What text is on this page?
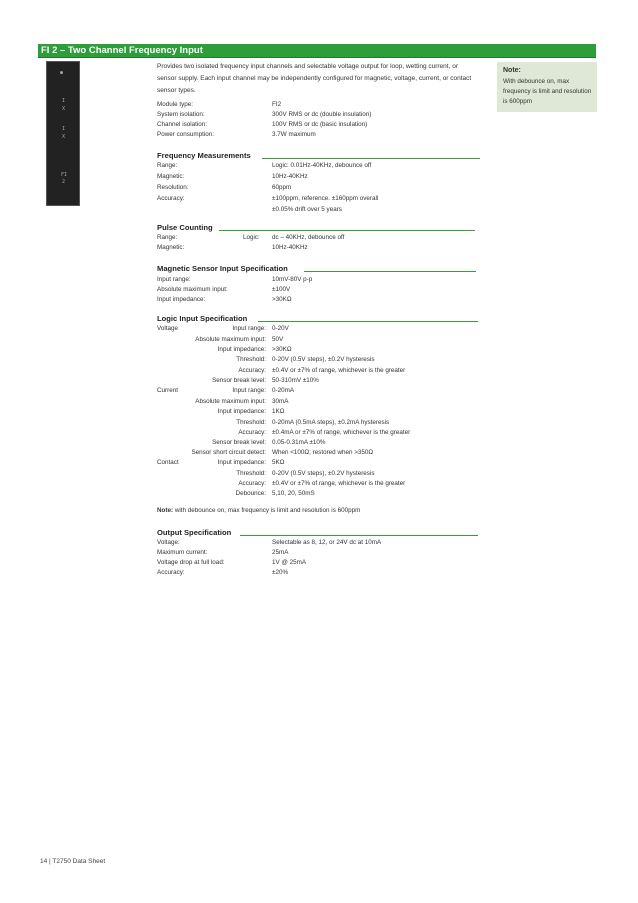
FI 2 – Two Channel Frequency Input
●
I
X
I
X
FI
2
Note:
With debounce on, max frequency is limit and resolution is 600ppm
Provides two isolated frequency input channels and selectable voltage output for loop, wetting current, or sensor supply. Each input channel may be independently configured for magnetic, voltage, current, or contact sensor types.
Module type:	FI2
System isolation:	300V RMS or dc (double insulation)
Channel isolation:	100V RMS or dc (basic insulation)
Power consumption:	3.7W maximum
Frequency Measurements
Range:	Logic: 0.01Hz-40KHz, debounce off
Magnetic:	10Hz-40KHz
Resolution:	60ppm
Accuracy:	±100ppm, reference. ±160ppm overall
±0.05% drift over 5 years
Pulse Counting
Range:	Logic: dc – 40KHz, debounce off
Magnetic:	10Hz-40KHz
Magnetic Sensor Input Specification
Input range:	10mV-80V p-p
Absolute maximum input:	±100V
Input impedance:	>30KΩ
Logic Input Specification
Voltage	Input range: 0-20V
Absolute maximum input: 50V
Input impedance: >30KΩ
Threshold: 0-20V (0.5V steps), ±0.2V hysteresis
Accuracy: ±0.4V or ±7% of range, whichever is the greater
Sensor break level: 50-310mV ±10%
Current	Input range: 0-20mA
Absolute maximum input: 30mA
Input impedance: 1KΩ
Threshold: 0-20mA (0.5mA steps), ±0.2mA hysteresis
Accuracy: ±0.4mA or ±7% of range, whichever is the greater
Sensor break level: 0.05-0.31mA ±10%
Sensor short circuit detect: When <100Ω; restored when >350Ω
Contact	Input impedance: 5KΩ
Threshold: 0-20V (0.5V steps), ±0.2V hysteresis
Accuracy: ±0.4V or ±7% of range, whichever is the greater
Debounce: 5,10, 20, 50mS
Note: with debounce on, max frequency is limit and resolution is 600ppm
Output Specification
Voltage:	Selectable as 8, 12, or 24V dc at 10mA
Maximum current:	25mA
Voltage drop at full load:	1V @ 25mA
Accuracy:	±20%
14 | T2750 Data Sheet
